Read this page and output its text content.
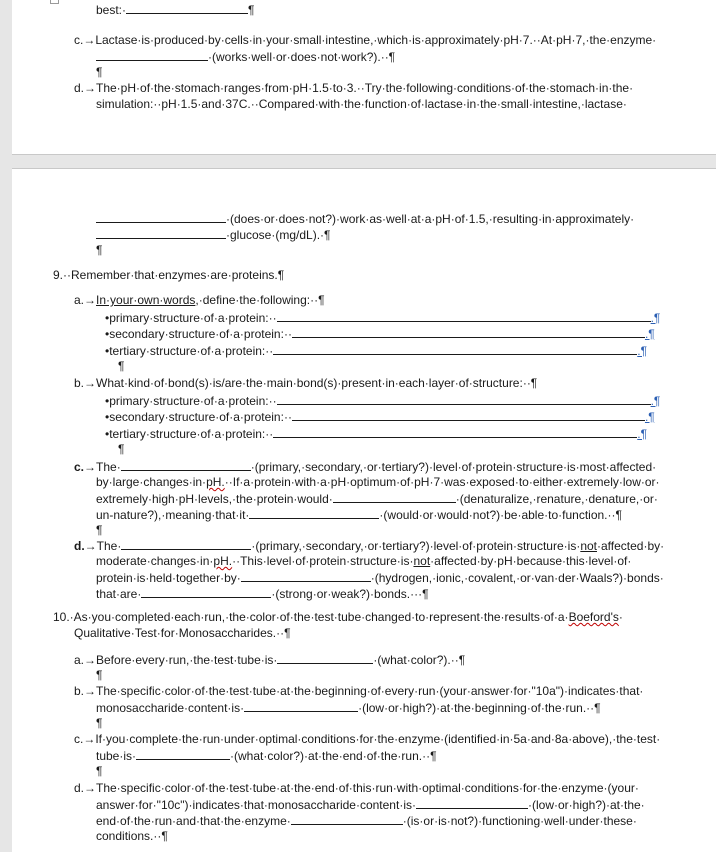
best:·	¶
c.→Lactase·is·produced·by·cells·in·your·small·intestine,·which·is·approximately·pH·7.··At·pH·7,·the·enzyme·
·(works·well·or·does·not·work?).··¶
¶
d.→The·pH·of·the·stomach·ranges·from·pH·1.5·to·3.··Try·the·following·conditions·of·the·stomach·in·the·
simulation:··pH·1.5·and·37C.··Compared·with·the·function·of·lactase·in·the·small·intestine,·lactase·
·(does·or·does·not?)·work·as·well·at·a·pH·of·1.5,·resulting·in·approximately·
·glucose·(mg/dL).·¶
¶
9.··Remember·that·enzymes·are·proteins.¶
a.→In·your·own·words,·define·the·following:··¶
•primary·structure·of·a·protein:··	.¶
•secondary·structure·of·a·protein:··	.¶
•tertiary·structure·of·a·protein:··	.¶
¶
b.→What·kind·of·bond(s)·is/are·the·main·bond(s)·present·in·each·layer·of·structure:··¶
•primary·structure·of·a·protein:··	.¶
•secondary·structure·of·a·protein:··	.¶
•tertiary·structure·of·a·protein:··	.¶
¶
c.→The·	·(primary,·secondary,·or·tertiary?)·level·of·protein·structure·is·most·affected·
by·large·changes·in·pH.··If·a·protein·with·a·pH·optimum·of·pH·7·was·exposed·to·either·extremely·low·or·
extremely·high·pH·levels,·the·protein·would·	·(denaturalize,·renature,·denature,·or·
un-nature?),·meaning·that·it·	·(would·or·would·not?)·be·able·to·function.··¶
¶
d.→The·	·(primary,·secondary,·or·tertiary?)·level·of·protein·structure·is·not·affected·by·
moderate·changes·in·pH.··This·level·of·protein·structure·is·not·affected·by·pH·because·this·level·of·
protein·is·held·together·by·	·(hydrogen,·ionic,·covalent,·or·van·der·Waals?)·bonds·
that·are·	·(strong·or·weak?)·bonds.···¶
10.·As·you·completed·each·run,·the·color·of·the·test·tube·changed·to·represent·the·results·of·a·Boeford's·
Qualitative·Test·for·Monosaccharides.··¶
a.→Before·every·run,·the·test·tube·is·	·(what·color?).··¶
¶
b.→The·specific·color·of·the·test·tube·at·the·beginning·of·every·run·(your·answer·for·"10a")·indicates·that·
monosaccharide·content·is·	·(low·or·high?)·at·the·beginning·of·the·run.··¶
¶
c.→If·you·complete·the·run·under·optimal·conditions·for·the·enzyme·(identified·in·5a·and·8a·above),·the·test·
tube·is·	·(what·color?)·at·the·end·of·the·run.··¶
¶
d.→The·specific·color·of·the·test·tube·at·the·end·of·this·run·with·optimal·conditions·for·the·enzyme·(your·
answer·for·"10c")·indicates·that·monosaccharide·content·is·	·(low·or·high?)·at·the·
end·of·the·run·and·that·the·enzyme·	·(is·or·is·not?)·functioning·well·under·these·
conditions.··¶
